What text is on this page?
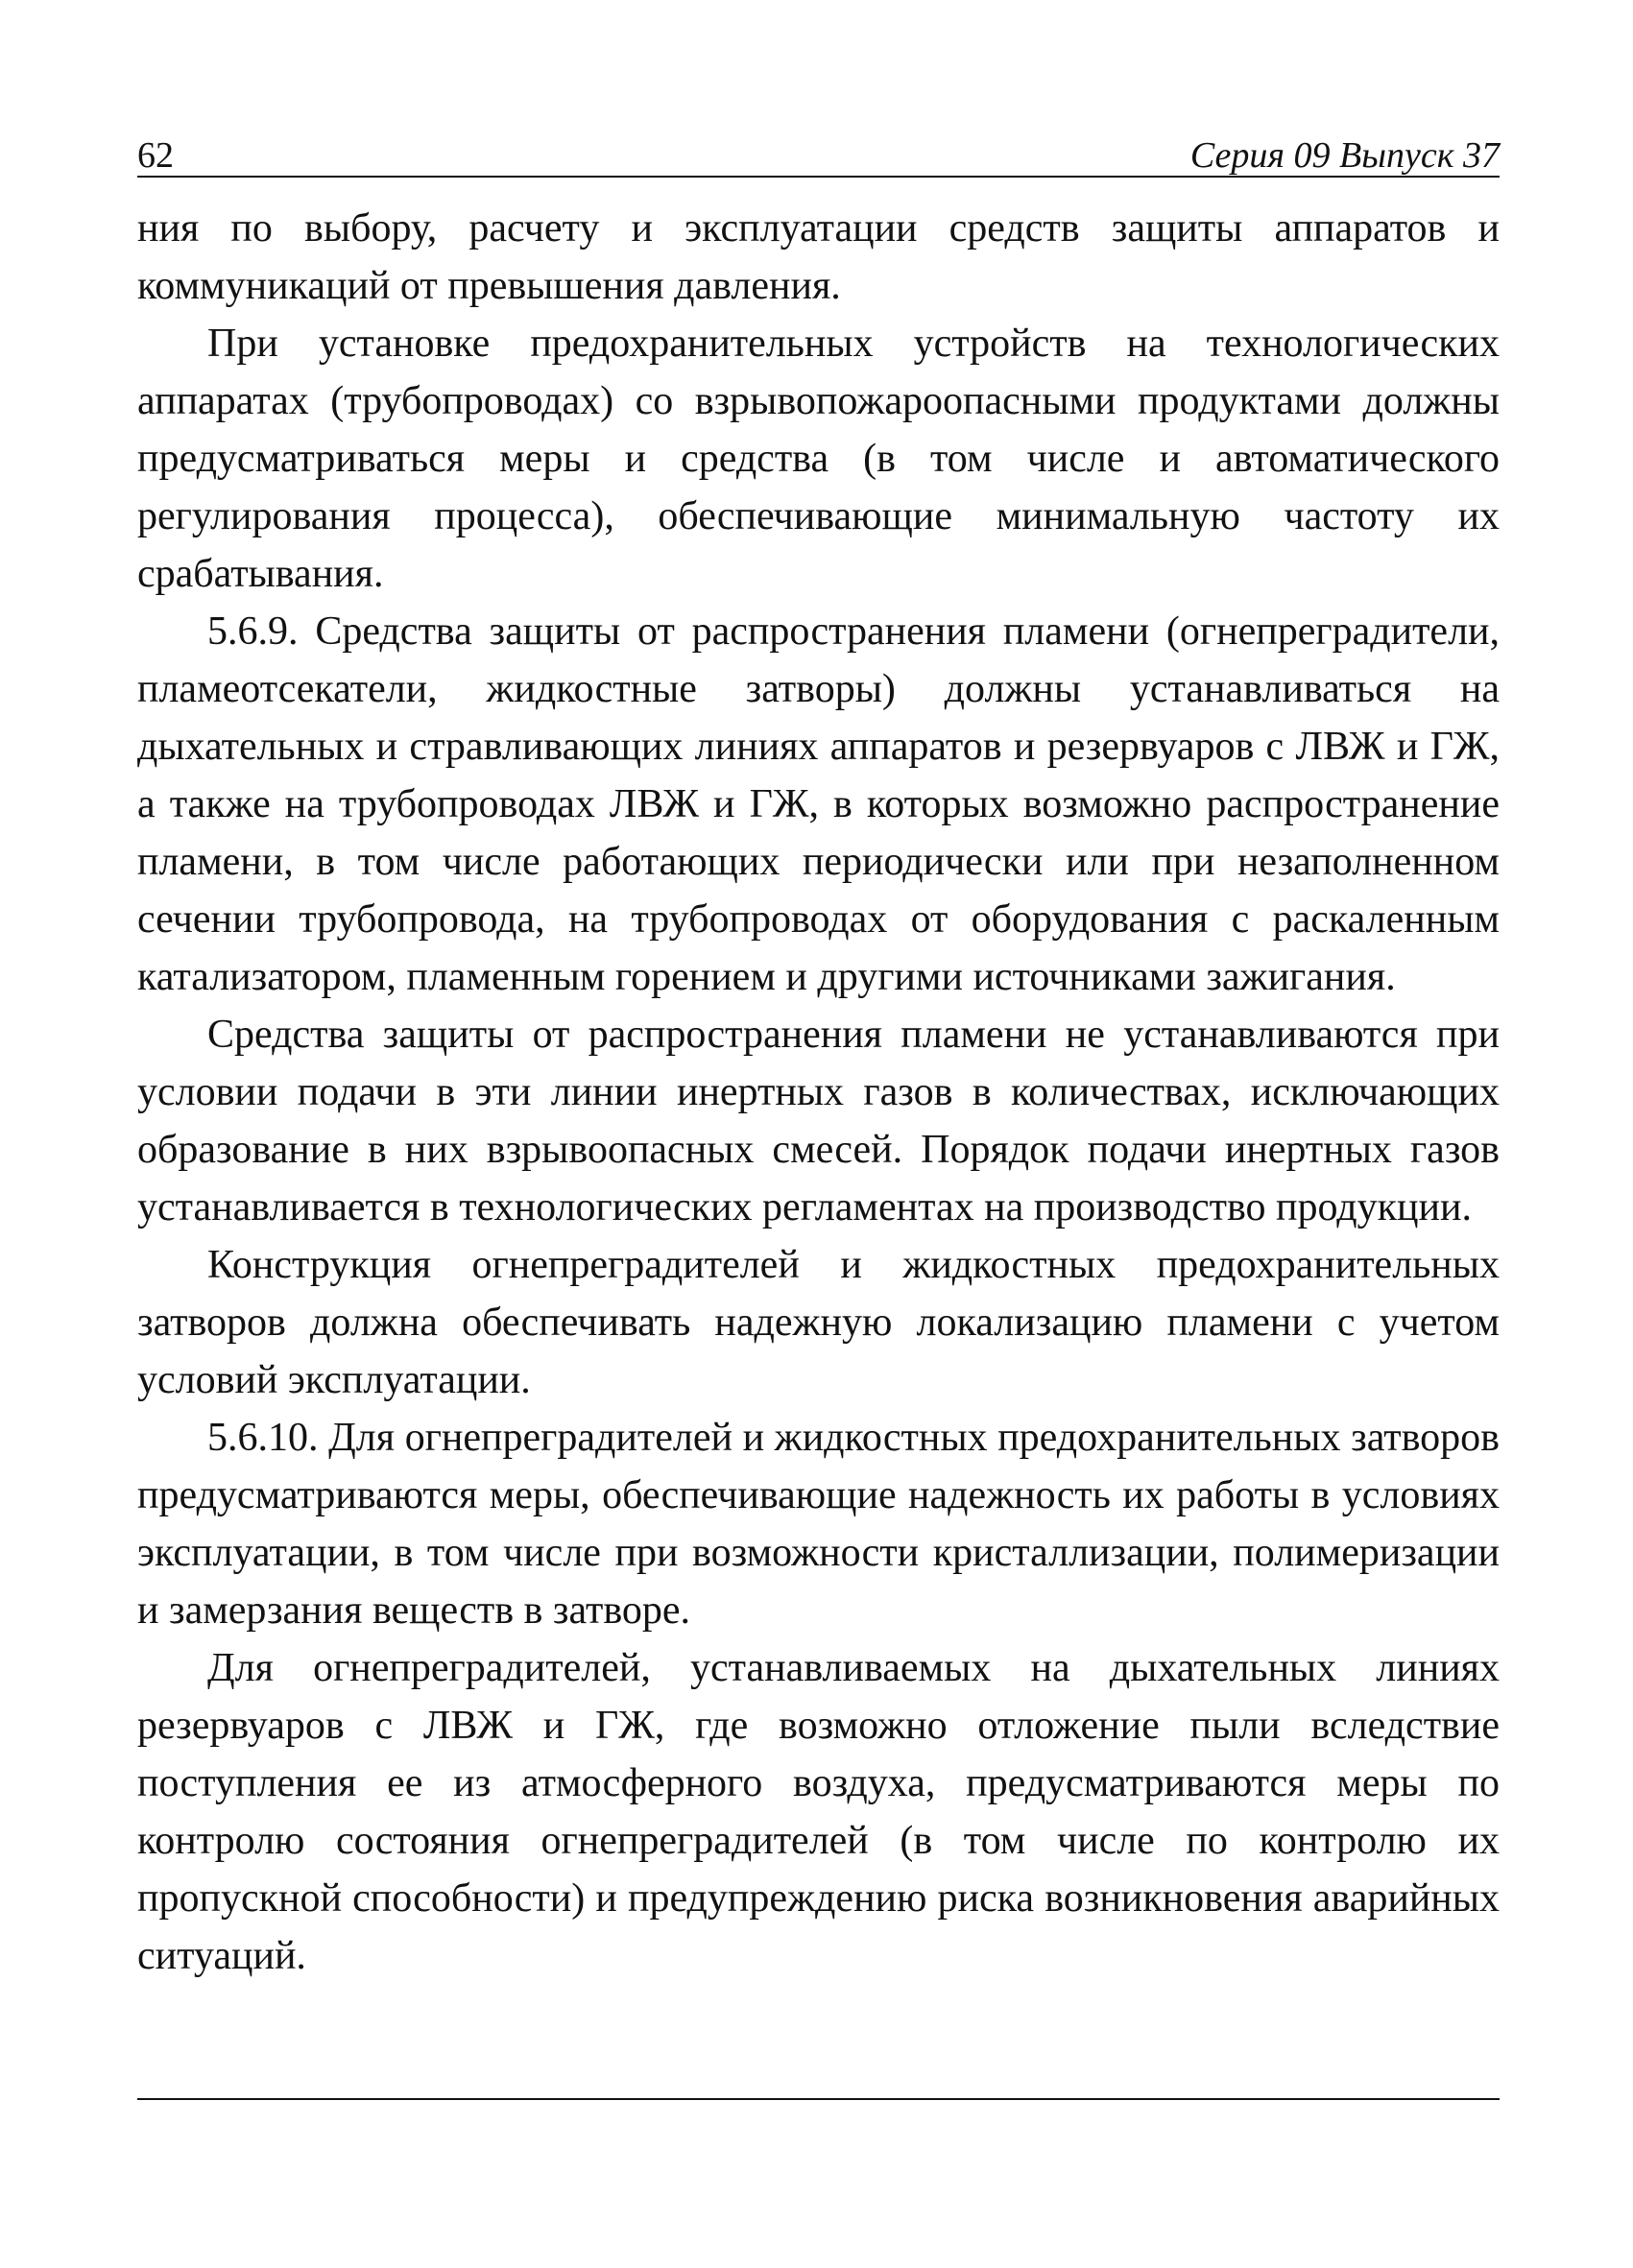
62	Серия 09 Выпуск 37

ния по выбору, расчету и эксплуатации средств защиты аппаратов и коммуникаций от превышения давления.

При установке предохранительных устройств на технологических аппаратах (трубопроводах) со взрывопожароопасными продуктами должны предусматриваться меры и средства (в том числе и автоматического регулирования процесса), обеспечивающие минимальную частоту их срабатывания.

5.6.9. Средства защиты от распространения пламени (огнепреградители, пламеотсекатели, жидкостные затворы) должны устанавливаться на дыхательных и стравливающих линиях аппаратов и резервуаров с ЛВЖ и ГЖ, а также на трубопроводах ЛВЖ и ГЖ, в которых возможно распространение пламени, в том числе работающих периодически или при незаполненном сечении трубопровода, на трубопроводах от оборудования с раскаленным катализатором, пламенным горением и другими источниками зажигания.

Средства защиты от распространения пламени не устанавливаются при условии подачи в эти линии инертных газов в количествах, исключающих образование в них взрывоопасных смесей. Порядок подачи инертных газов устанавливается в технологических регламентах на производство продукции.

Конструкция огнепреградителей и жидкостных предохранительных затворов должна обеспечивать надежную локализацию пламени с учетом условий эксплуатации.

5.6.10. Для огнепреградителей и жидкостных предохранительных затворов предусматриваются меры, обеспечивающие надежность их работы в условиях эксплуатации, в том числе при возможности кристаллизации, полимеризации и замерзания веществ в затворе.

Для огнепреградителей, устанавливаемых на дыхательных линиях резервуаров с ЛВЖ и ГЖ, где возможно отложение пыли вследствие поступления ее из атмосферного воздуха, предусматриваются меры по контролю состояния огнепреградителей (в том числе по контролю их пропускной способности) и предупреждению риска возникновения аварийных ситуаций.
